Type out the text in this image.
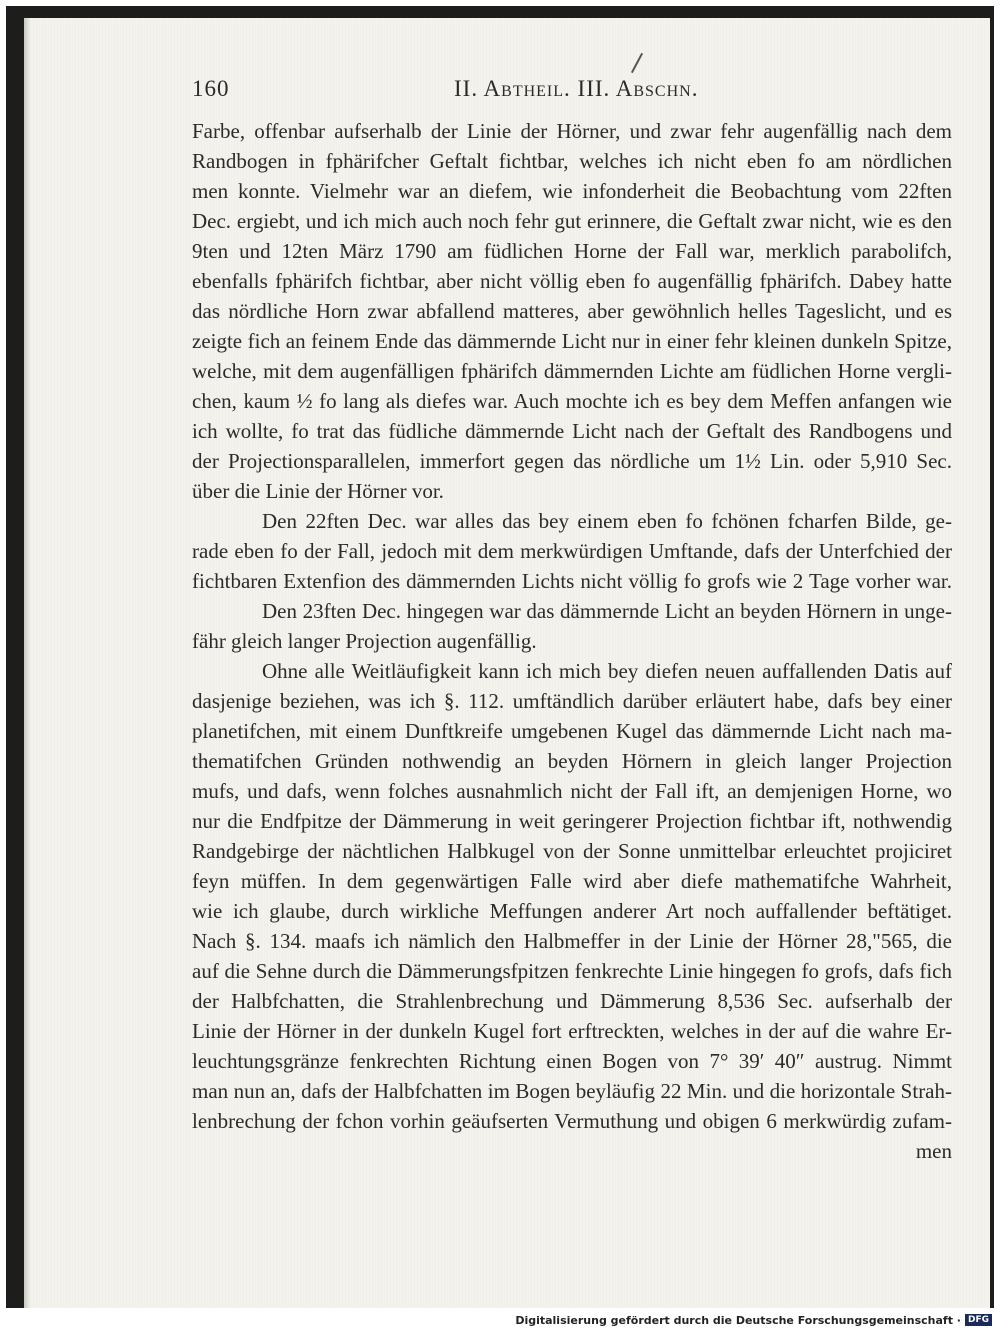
160	II. Abtheil. III. Abschn.
Farbe, offenbar aufserhalb der Linie der Hörner, und zwar fehr augenfällig nach dem
Randbogen in fphärifcher Geftalt fichtbar, welches ich nicht eben fo am nördlichen
men konnte. Vielmehr war an diefem, wie infonderheit die Beobachtung vom 22ften
Dec. ergiebt, und ich mich auch noch fehr gut erinnere, die Geftalt zwar nicht, wie es den
9ten und 12ten März 1790 am füdlichen Horne der Fall war, merklich parabolifch,
ebenfalls fphärifch fichtbar, aber nicht völlig eben fo augenfällig fphärifch. Dabey hatte
das nördliche Horn zwar abfallend matteres, aber gewöhnlich helles Tageslicht, und es
zeigte fich an feinem Ende das dämmernde Licht nur in einer fehr kleinen dunkeln Spitze,
welche, mit dem augenfälligen fphärifch dämmernden Lichte am füdlichen Horne vergli-
chen, kaum ½ fo lang als diefes war. Auch mochte ich es bey dem Meffen anfangen wie
ich wollte, fo trat das füdliche dämmernde Licht nach der Geftalt des Randbogens und
der Projectionsparallelen, immerfort gegen das nördliche um 1½ Lin. oder 5,910 Sec.
über die Linie der Hörner vor.
Den 22ften Dec. war alles das bey einem eben fo fchönen fcharfen Bilde, ge-
rade eben fo der Fall, jedoch mit dem merkwürdigen Umftande, dafs der Unterfchied der
fichtbaren Extenfion des dämmernden Lichts nicht völlig fo grofs wie 2 Tage vorher war.
Den 23ften Dec. hingegen war das dämmernde Licht an beyden Hörnern in unge-
fähr gleich langer Projection augenfällig.
Ohne alle Weitläufigkeit kann ich mich bey diefen neuen auffallenden Datis auf
dasjenige beziehen, was ich §. 112. umftändlich darüber erläutert habe, dafs bey einer
planetifchen, mit einem Dunftkreife umgebenen Kugel das dämmernde Licht nach ma-
thematifchen Gründen nothwendig an beyden Hörnern in gleich langer Projection
mufs, und dafs, wenn folches ausnahmlich nicht der Fall ift, an demjenigen Horne, wo
nur die Endfpitze der Dämmerung in weit geringerer Projection fichtbar ift, nothwendig
Randgebirge der nächtlichen Halbkugel von der Sonne unmittelbar erleuchtet projiciret
feyn müffen. In dem gegenwärtigen Falle wird aber diefe mathematifche Wahrheit,
wie ich glaube, durch wirkliche Meffungen anderer Art noch auffallender beftätiget.
Nach §. 134. maafs ich nämlich den Halbmeffer in der Linie der Hörner 28,"565, die
auf die Sehne durch die Dämmerungsfpitzen fenkrechte Linie hingegen fo grofs, dafs fich
der Halbfchatten, die Strahlenbrechung und Dämmerung 8,536 Sec. aufserhalb der
Linie der Hörner in der dunkeln Kugel fort erftreckten, welches in der auf die wahre Er-
leuchtungsgränze fenkrechten Richtung einen Bogen von 7° 39′ 40″ austrug. Nimmt
man nun an, dafs der Halbfchatten im Bogen beyläufig 22 Min. und die horizontale Strah-
lenbrechung der fchon vorhin geäufserten Vermuthung und obigen 6 merkwürdig zufam-
men
Digitalisierung gefördert durch die Deutsche Forschungsgemeinschaft · DFG
